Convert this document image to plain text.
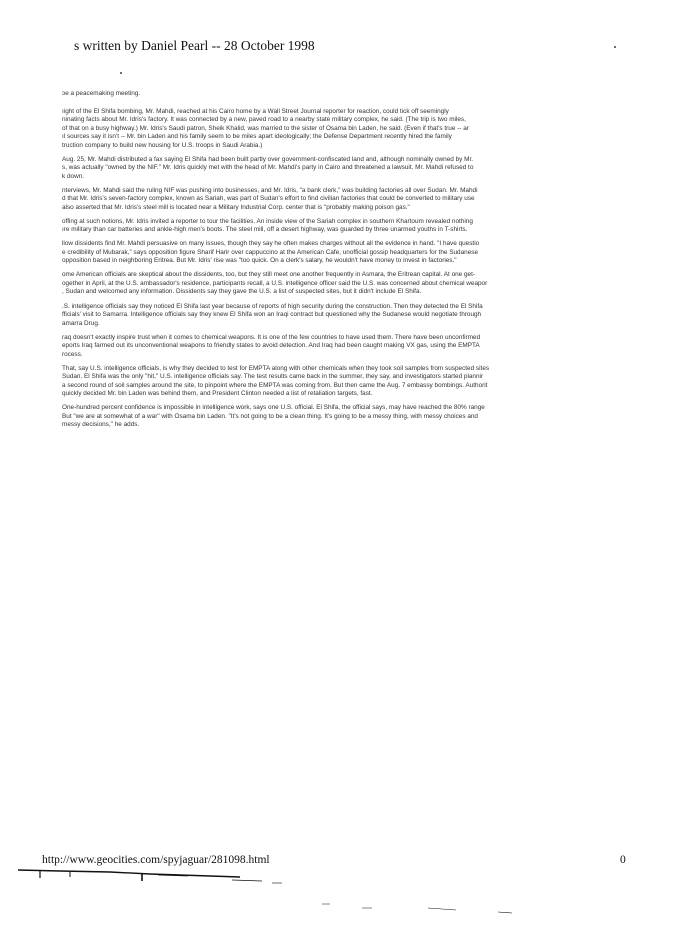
s written by Daniel Pearl -- 28 October 1998

ɔe a peacemaking meeting.

ıight of the El Shifa bombing, Mr. Mahdi, reached at his Cairo home by a Wall Street Journal reporter for reaction, could tick off seemingly
ninating facts about Mr. Idris's factory. It was connected by a new, paved road to a nearby state military complex, he said. (The trip is two miles,
of that on a busy highway.) Mr. Idris's Saudi patron, Sheik Khalid, was married to the sister of Osama bin Laden, he said. (Even if that's true -- ar
ıl sources say it isn't -- Mr. bin Laden and his family seem to be miles apart ideologically; the Defense Department recently hired the family
truction company to build new housing for U.S. troops in Saudi Arabia.)

Aug. 25, Mr. Mahdi distributed a fax saying El Shifa had been built partly over government-confiscated land and, although nominally owned by Mr.
s, was actually "owned by the NIF." Mr. Idris quickly met with the head of Mr. Mahdi's party in Cairo and threatened a lawsuit. Mr. Mahdi refused to
k down.

nterviews, Mr. Mahdi said the ruling NIF was pushing into businesses, and Mr. Idris, "a bank clerk," was building factories all over Sudan. Mr. Mahdi
d that Mr. Idris's seven-factory complex, known as Sariah, was part of Sudan's effort to find civilian factories that could be converted to military use
also asserted that Mr. Idris's steel mill is located near a Military Industrial Corp. center that is "probably making poison gas."

offing at such notions, Mr. Idris invited a reporter to tour the facilities. An inside view of the Sariah complex in southern Khartoum revealed nothing
ıre military than car batteries and ankle-high men's boots. The steel mill, off a desert highway, was guarded by three unarmed youths in T-shirts.

llow dissidents find Mr. Mahdi persuasive on many issues, though they say he often makes charges without all the evidence in hand. "I have questio
e credibility of Mubarak," says opposition figure Sharif Harir over cappuccino at the American Cafe, unofficial gossip headquarters for the Sudanese
opposition based in neighboring Eritrea. But Mr. Idris' rise was "too quick. On a clerk's salary, he wouldn't have money to invest in factories."

ome American officials are skeptical about the dissidents, too, but they still meet one another frequently in Asmara, the Eritrean capital. At one get-
ogether in April, at the U.S. ambassador's residence, participants recall, a U.S. intelligence officer said the U.S. was concerned about chemical weapor
, Sudan and welcomed any information. Dissidents say they gave the U.S. a list of suspected sites, but it didn't include El Shifa.

.S. intelligence officials say they noticed El Shifa last year because of reports of high security during the construction. Then they detected the El Shifa
fficials' visit to Samarra. Intelligence officials say they knew El Shifa won an Iraqi contract but questioned why the Sudanese would negotiate through
amarra Drug.

raq doesn't exactly inspire trust when it comes to chemical weapons. It is one of the few countries to have used them. There have been unconfirmed
eports Iraq farmed out its unconventional weapons to friendly states to avoid detection. And Iraq had been caught making VX gas, using the EMPTA
rocess.

That, say U.S. intelligence officials, is why they decided to test for EMPTA along with other chemicals when they took soil samples from suspected sites
Sudan. El Shifa was the only "hit," U.S. intelligence officials say. The test results came back in the summer, they say, and investigators started plannir
a second round of soil samples around the site, to pinpoint where the EMPTA was coming from. But then came the Aug. 7 embassy bombings. Authorit
quickly decided Mr. bin Laden was behind them, and President Clinton needed a list of retaliation targets, fast.

One-hundred percent confidence is impossible in intelligence work, says one U.S. official. El Shifa, the official says, may have reached the 80% range
But "we are at somewhat of a war" with Osama bin Laden. "It's not going to be a clean thing. It's going to be a messy thing, with messy choices and
messy decisions," he adds.

http://www.geocities.com/spyjaguar/281098.html	0
